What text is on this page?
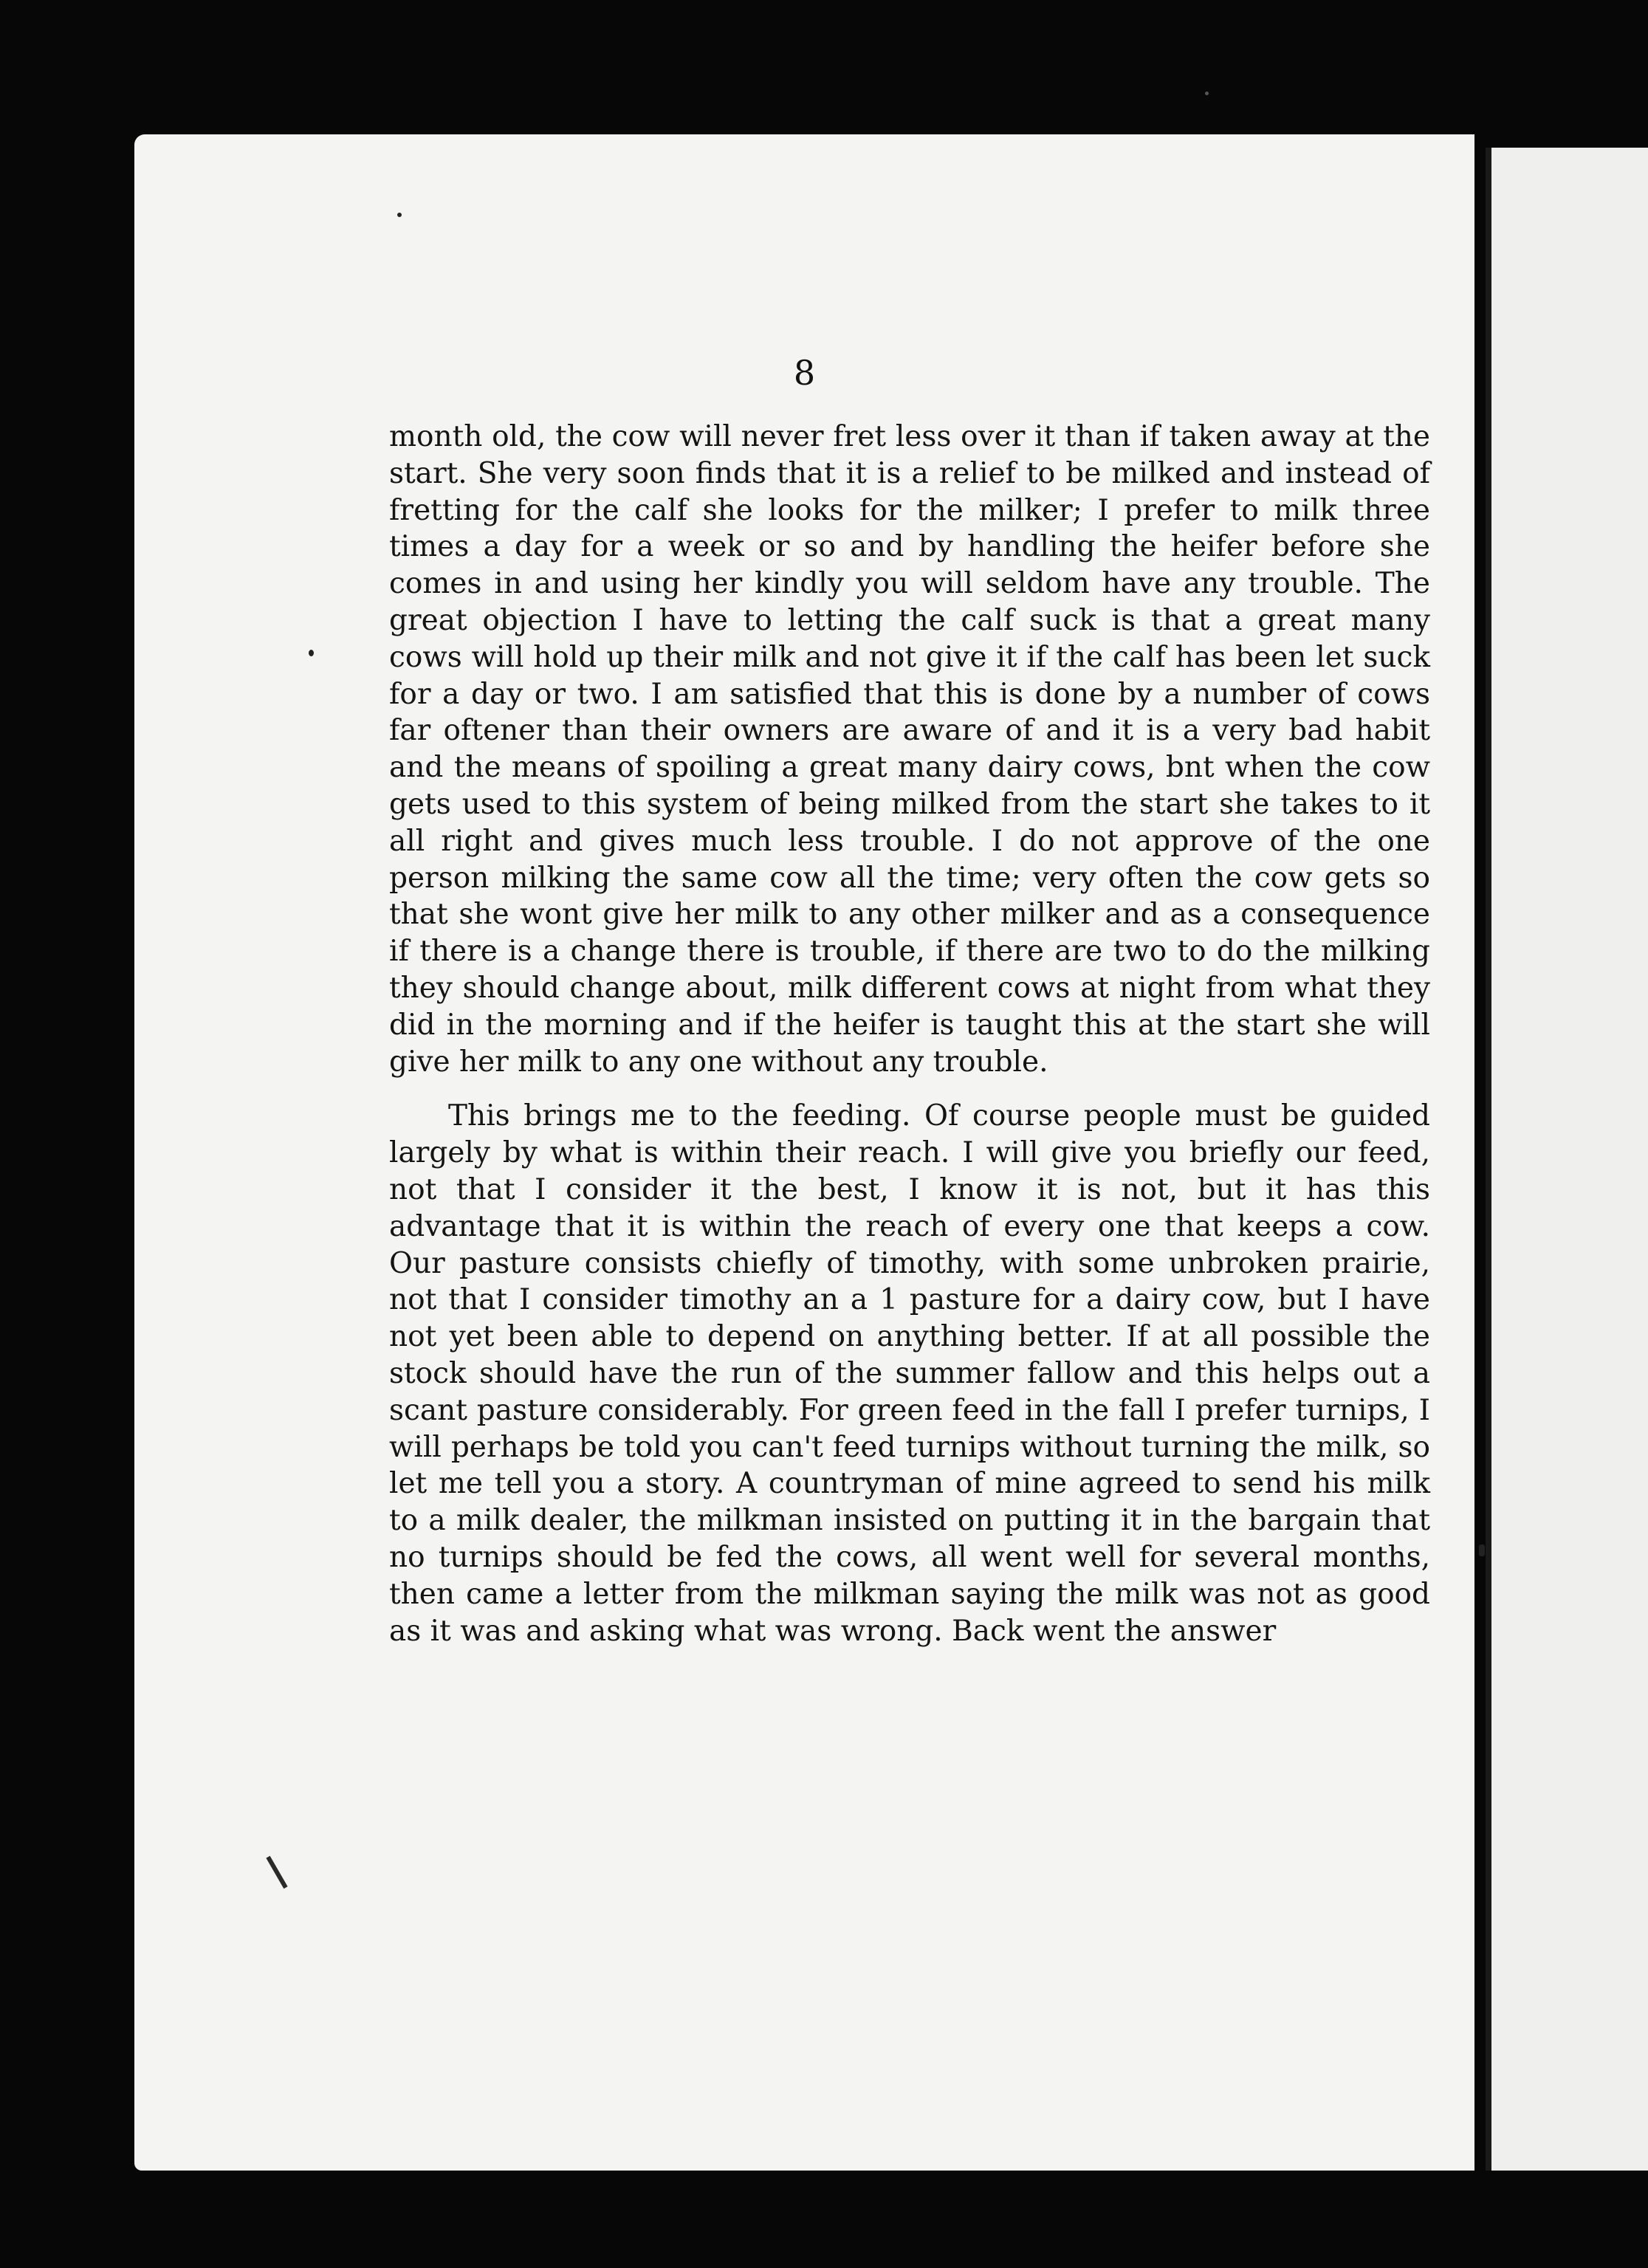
8

month old, the cow will never fret less over it than if taken away at the start. She very soon finds that it is a relief to be milked and instead of fretting for the calf she looks for the milker; I prefer to milk three times a day for a week or so and by handling the heifer before she comes in and using her kindly you will seldom have any trouble. The great objection I have to letting the calf suck is that a great many cows will hold up their milk and not give it if the calf has been let suck for a day or two. I am satisfied that this is done by a number of cows far oftener than their owners are aware of and it is a very bad habit and the means of spoiling a great many dairy cows, bnt when the cow gets used to this system of being milked from the start she takes to it all right and gives much less trouble. I do not approve of the one person milking the same cow all the time; very often the cow gets so that she wont give her milk to any other milker and as a consequence if there is a change there is trouble, if there are two to do the milking they should change about, milk different cows at night from what they did in the morning and if the heifer is taught this at the start she will give her milk to any one without any trouble.

This brings me to the feeding. Of course people must be guided largely by what is within their reach. I will give you briefly our feed, not that I consider it the best, I know it is not, but it has this advantage that it is within the reach of every one that keeps a cow. Our pasture consists chiefly of timothy, with some unbroken prairie, not that I consider timothy an a 1 pasture for a dairy cow, but I have not yet been able to depend on anything better. If at all possible the stock should have the run of the summer fallow and this helps out a scant pasture considerably. For green feed in the fall I prefer turnips, I will perhaps be told you can't feed turnips without turning the milk, so let me tell you a story. A countryman of mine agreed to send his milk to a milk dealer, the milkman insisted on putting it in the bargain that no turnips should be fed the cows, all went well for several months, then came a letter from the milkman saying the milk was not as good as it was and asking what was wrong. Back went the answer
